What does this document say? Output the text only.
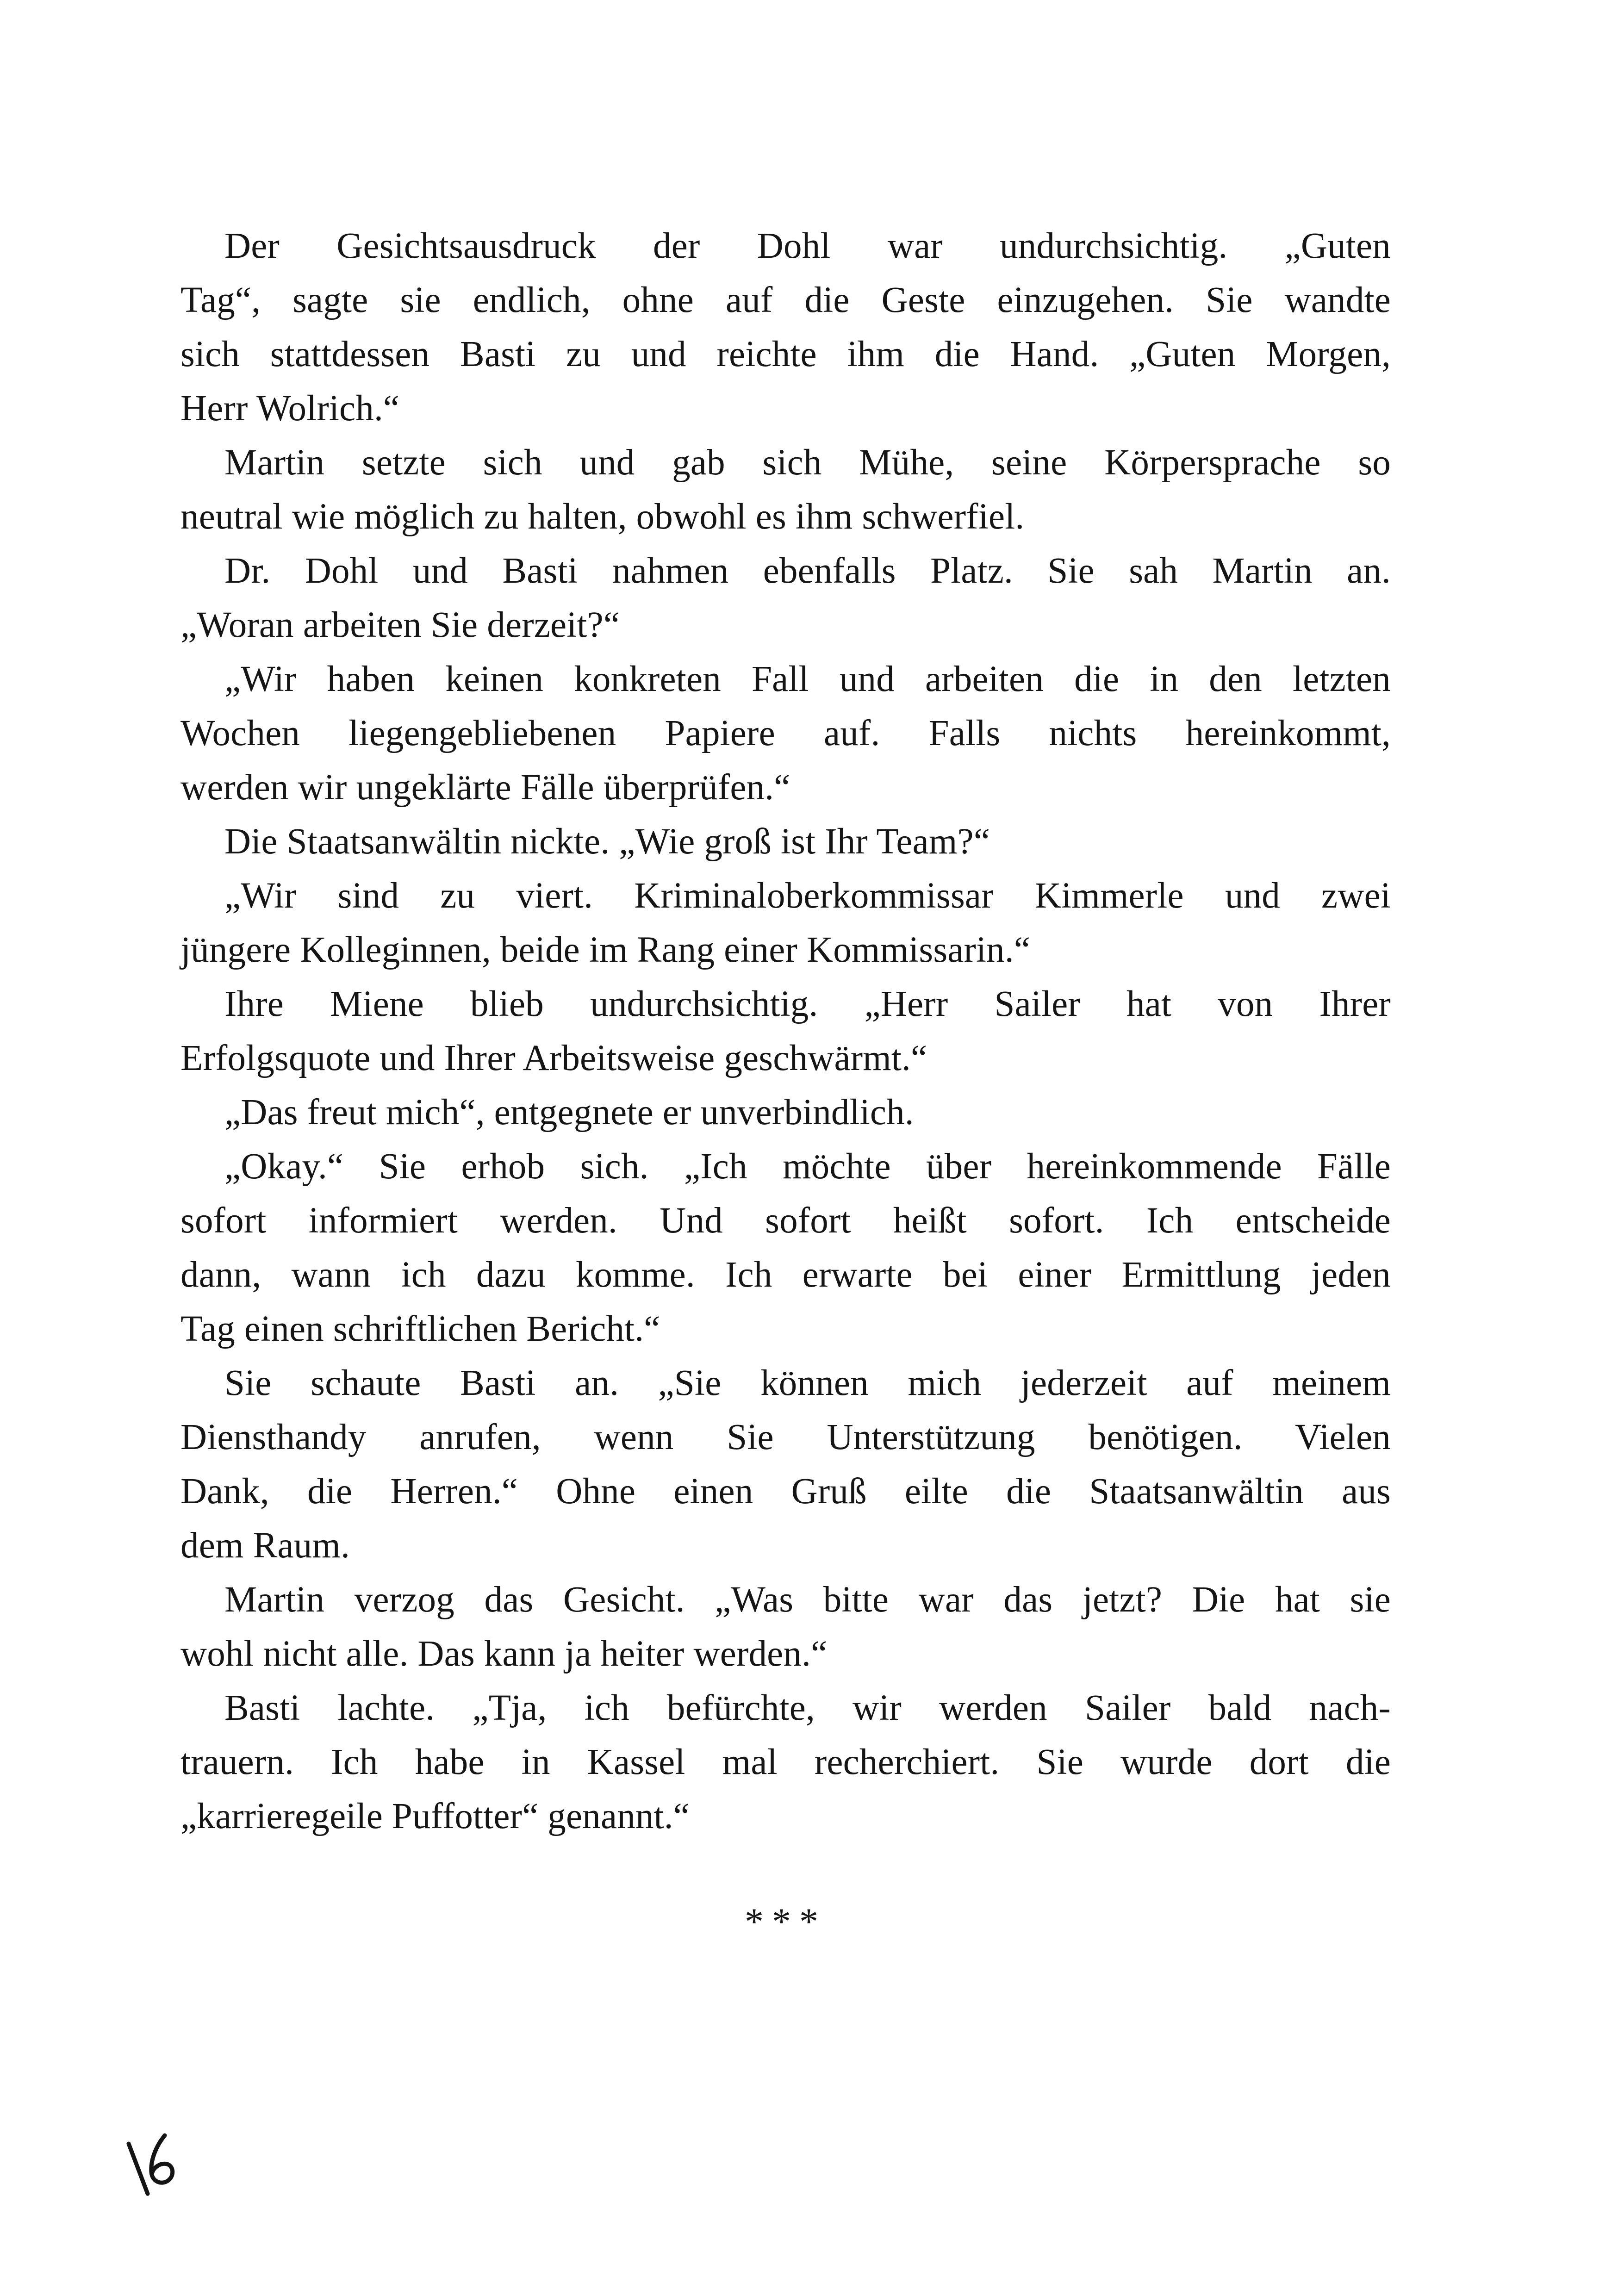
Der Gesichtsausdruck der Dohl war undurchsichtig. „Guten
Tag“, sagte sie endlich, ohne auf die Geste einzugehen. Sie wandte
sich stattdessen Basti zu und reichte ihm die Hand. „Guten Morgen,
Herr Wolrich.“

Martin setzte sich und gab sich Mühe, seine Körpersprache so
neutral wie möglich zu halten, obwohl es ihm schwerfiel.

Dr. Dohl und Basti nahmen ebenfalls Platz. Sie sah Martin an.
„Woran arbeiten Sie derzeit?“

„Wir haben keinen konkreten Fall und arbeiten die in den letzten
Wochen liegengebliebenen Papiere auf. Falls nichts hereinkommt,
werden wir ungeklärte Fälle überprüfen.“

Die Staatsanwältin nickte. „Wie groß ist Ihr Team?“

„Wir sind zu viert. Kriminaloberkommissar Kimmerle und zwei
jüngere Kolleginnen, beide im Rang einer Kommissarin.“

Ihre Miene blieb undurchsichtig. „Herr Sailer hat von Ihrer
Erfolgsquote und Ihrer Arbeitsweise geschwärmt.“

„Das freut mich“, entgegnete er unverbindlich.

„Okay.“ Sie erhob sich. „Ich möchte über hereinkommende Fälle
sofort informiert werden. Und sofort heißt sofort. Ich entscheide
dann, wann ich dazu komme. Ich erwarte bei einer Ermittlung jeden
Tag einen schriftlichen Bericht.“

Sie schaute Basti an. „Sie können mich jederzeit auf meinem
Diensthandy anrufen, wenn Sie Unterstützung benötigen. Vielen
Dank, die Herren.“ Ohne einen Gruß eilte die Staatsanwältin aus
dem Raum.

Martin verzog das Gesicht. „Was bitte war das jetzt? Die hat sie
wohl nicht alle. Das kann ja heiter werden.“

Basti lachte. „Tja, ich befürchte, wir werden Sailer bald nach-
trauern. Ich habe in Kassel mal recherchiert. Sie wurde dort die
„karrieregeile Puffotter“ genannt.“

***
